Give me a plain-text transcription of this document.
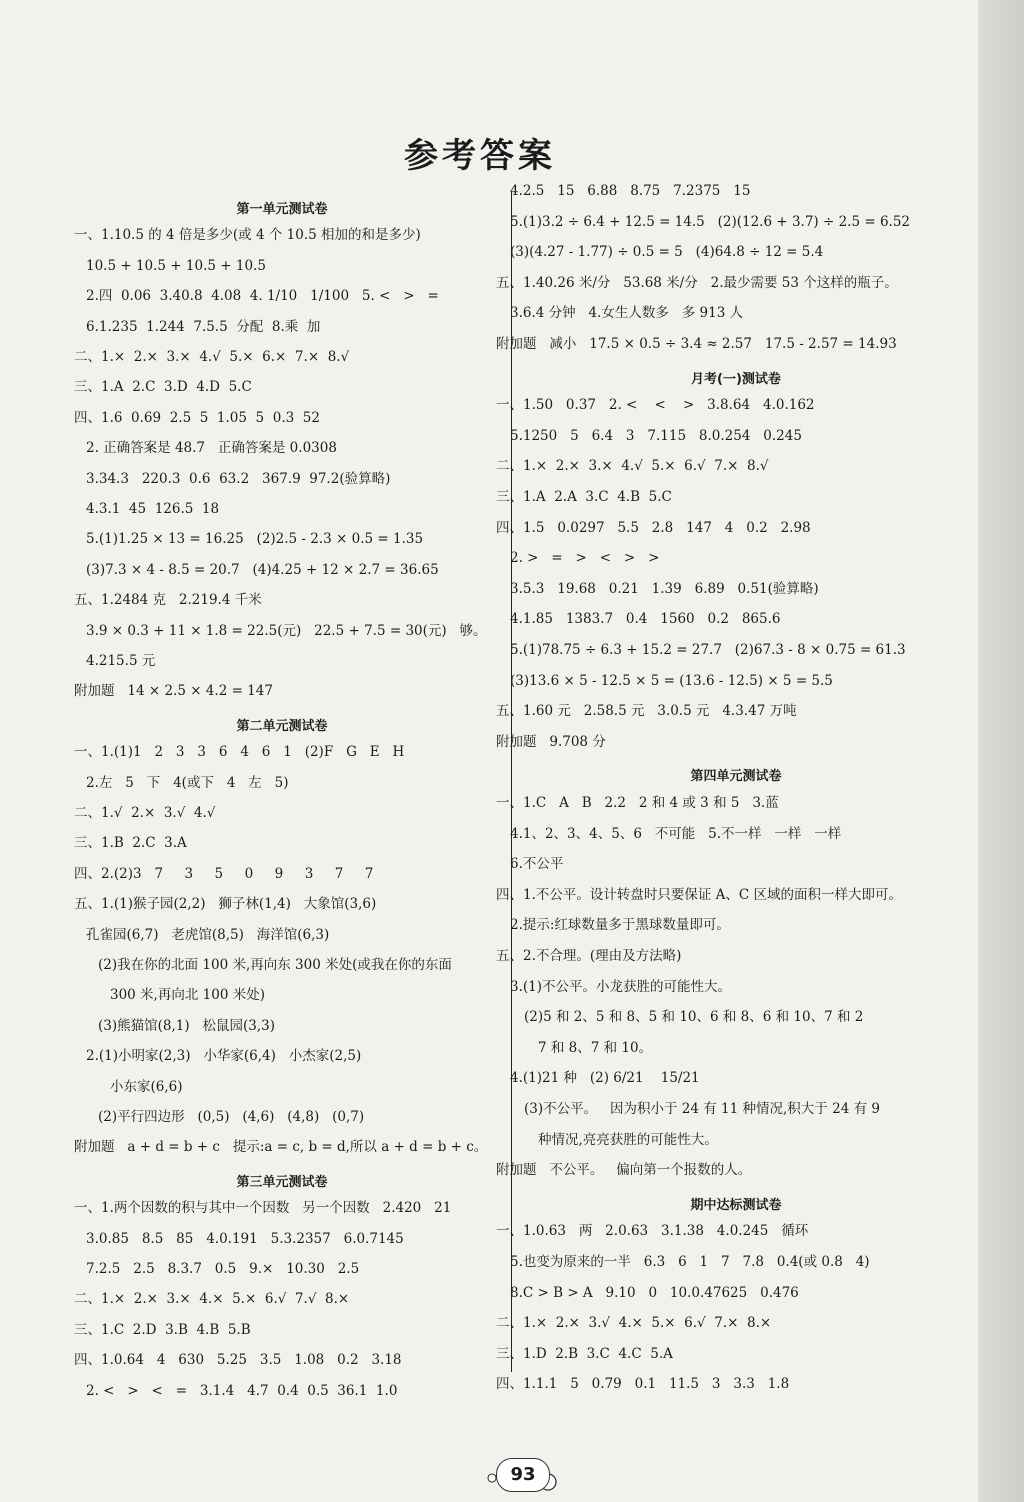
参考答案
第一单元测试卷
一、1.10.5 的 4 倍是多少(或 4 个 10.5 相加的和是多少)
10.5 + 10.5 + 10.5 + 10.5
2.四  0.06  3.40.8  4.08  4. 1/10   1/100   5. <   >   =
6.1.235  1.244  7.5.5  分配  8.乘  加
二、1.×  2.×  3.×  4.√  5.×  6.×  7.×  8.√
三、1.A  2.C  3.D  4.D  5.C
四、1.6  0.69  2.5  5  1.05  5  0.3  52
2. 正确答案是 48.7   正确答案是 0.0308
3.34.3   220.3  0.6  63.2   367.9  97.2(验算略)
4.3.1  45  126.5  18
5.(1)1.25 × 13 = 16.25   (2)2.5 - 2.3 × 0.5 = 1.35
(3)7.3 × 4 - 8.5 = 20.7   (4)4.25 + 12 × 2.7 = 36.65
五、1.2484 克   2.219.4 千米
3.9 × 0.3 + 11 × 1.8 = 22.5(元)   22.5 + 7.5 = 30(元)   够。
4.215.5 元
附加题   14 × 2.5 × 4.2 = 147
第二单元测试卷
一、1.(1)1   2   3   3   6   4   6   1   (2)F   G   E   H
2.左   5   下   4(或下   4   左   5)
二、1.√  2.×  3.√  4.√
三、1.B  2.C  3.A
四、2.(2)3   7     3     5     0     9     3     7     7
五、1.(1)猴子园(2,2)   狮子林(1,4)   大象馆(3,6)
孔雀园(6,7)   老虎馆(8,5)   海洋馆(6,3)
(2)我在你的北面 100 米,再向东 300 米处(或我在你的东面
300 米,再向北 100 米处)
(3)熊猫馆(8,1)   松鼠园(3,3)
2.(1)小明家(2,3)   小华家(6,4)   小杰家(2,5)
小东家(6,6)
(2)平行四边形   (0,5)   (4,6)   (4,8)   (0,7)
附加题   a + d = b + c   提示:a = c, b = d,所以 a + d = b + c。
第三单元测试卷
一、1.两个因数的积与其中一个因数   另一个因数   2.420   21
3.0.85   8.5   85   4.0.191   5.3.2357   6.0.7145
7.2.5   2.5   8.3.7   0.5   9.×   10.30   2.5
二、1.×  2.×  3.×  4.×  5.×  6.√  7.√  8.×
三、1.C  2.D  3.B  4.B  5.B
四、1.0.64   4   630   5.25   3.5   1.08   0.2   3.18
2. <   >   <   =   3.1.4   4.7  0.4  0.5  36.1  1.0
4.2.5   15   6.88   8.75   7.2375   15
5.(1)3.2 ÷ 6.4 + 12.5 = 14.5   (2)(12.6 + 3.7) ÷ 2.5 = 6.52
(3)(4.27 - 1.77) ÷ 0.5 = 5   (4)64.8 ÷ 12 = 5.4
五、1.40.26 米/分   53.68 米/分   2.最少需要 53 个这样的瓶子。
3.6.4 分钟   4.女生人数多   多 913 人
附加题   减小   17.5 × 0.5 ÷ 3.4 ≈ 2.57   17.5 - 2.57 = 14.93
月考(一)测试卷
一、1.50   0.37   2. <    <    >   3.8.64   4.0.162
5.1250   5   6.4   3   7.115   8.0.254   0.245
二、1.×  2.×  3.×  4.√  5.×  6.√  7.×  8.√
三、1.A  2.A  3.C  4.B  5.C
四、1.5   0.0297   5.5   2.8   147   4   0.2   2.98
2. >   =   >   <   >   >
3.5.3   19.68   0.21   1.39   6.89   0.51(验算略)
4.1.85   1383.7   0.4   1560   0.2   865.6
5.(1)78.75 ÷ 6.3 + 15.2 = 27.7   (2)67.3 - 8 × 0.75 = 61.3
(3)13.6 × 5 - 12.5 × 5 = (13.6 - 12.5) × 5 = 5.5
五、1.60 元   2.58.5 元   3.0.5 元   4.3.47 万吨
附加题   9.708 分
第四单元测试卷
一、1.C   A   B   2.2   2 和 4 或 3 和 5   3.蓝
4.1、2、3、4、5、6   不可能   5.不一样   一样   一样
6.不公平
四、1.不公平。设计转盘时只要保证 A、C 区域的面积一样大即可。
2.提示:红球数量多于黑球数量即可。
五、2.不合理。(理由及方法略)
3.(1)不公平。小龙获胜的可能性大。
(2)5 和 2、5 和 8、5 和 10、6 和 8、6 和 10、7 和 2
7 和 8、7 和 10。
4.(1)21 种   (2) 6/21    15/21
(3)不公平。   因为积小于 24 有 11 种情况,积大于 24 有 9
种情况,亮亮获胜的可能性大。
附加题   不公平。   偏向第一个报数的人。
期中达标测试卷
一、1.0.63   两   2.0.63   3.1.38   4.0.245   循环
5.也变为原来的一半   6.3   6   1   7   7.8   0.4(或 0.8   4)
8.C > B > A   9.10   0   10.0.47625   0.476
二、1.×  2.×  3.√  4.×  5.×  6.√  7.×  8.×
三、1.D  2.B  3.C  4.C  5.A
四、1.1.1   5   0.79   0.1   11.5   3   3.3   1.8
93
